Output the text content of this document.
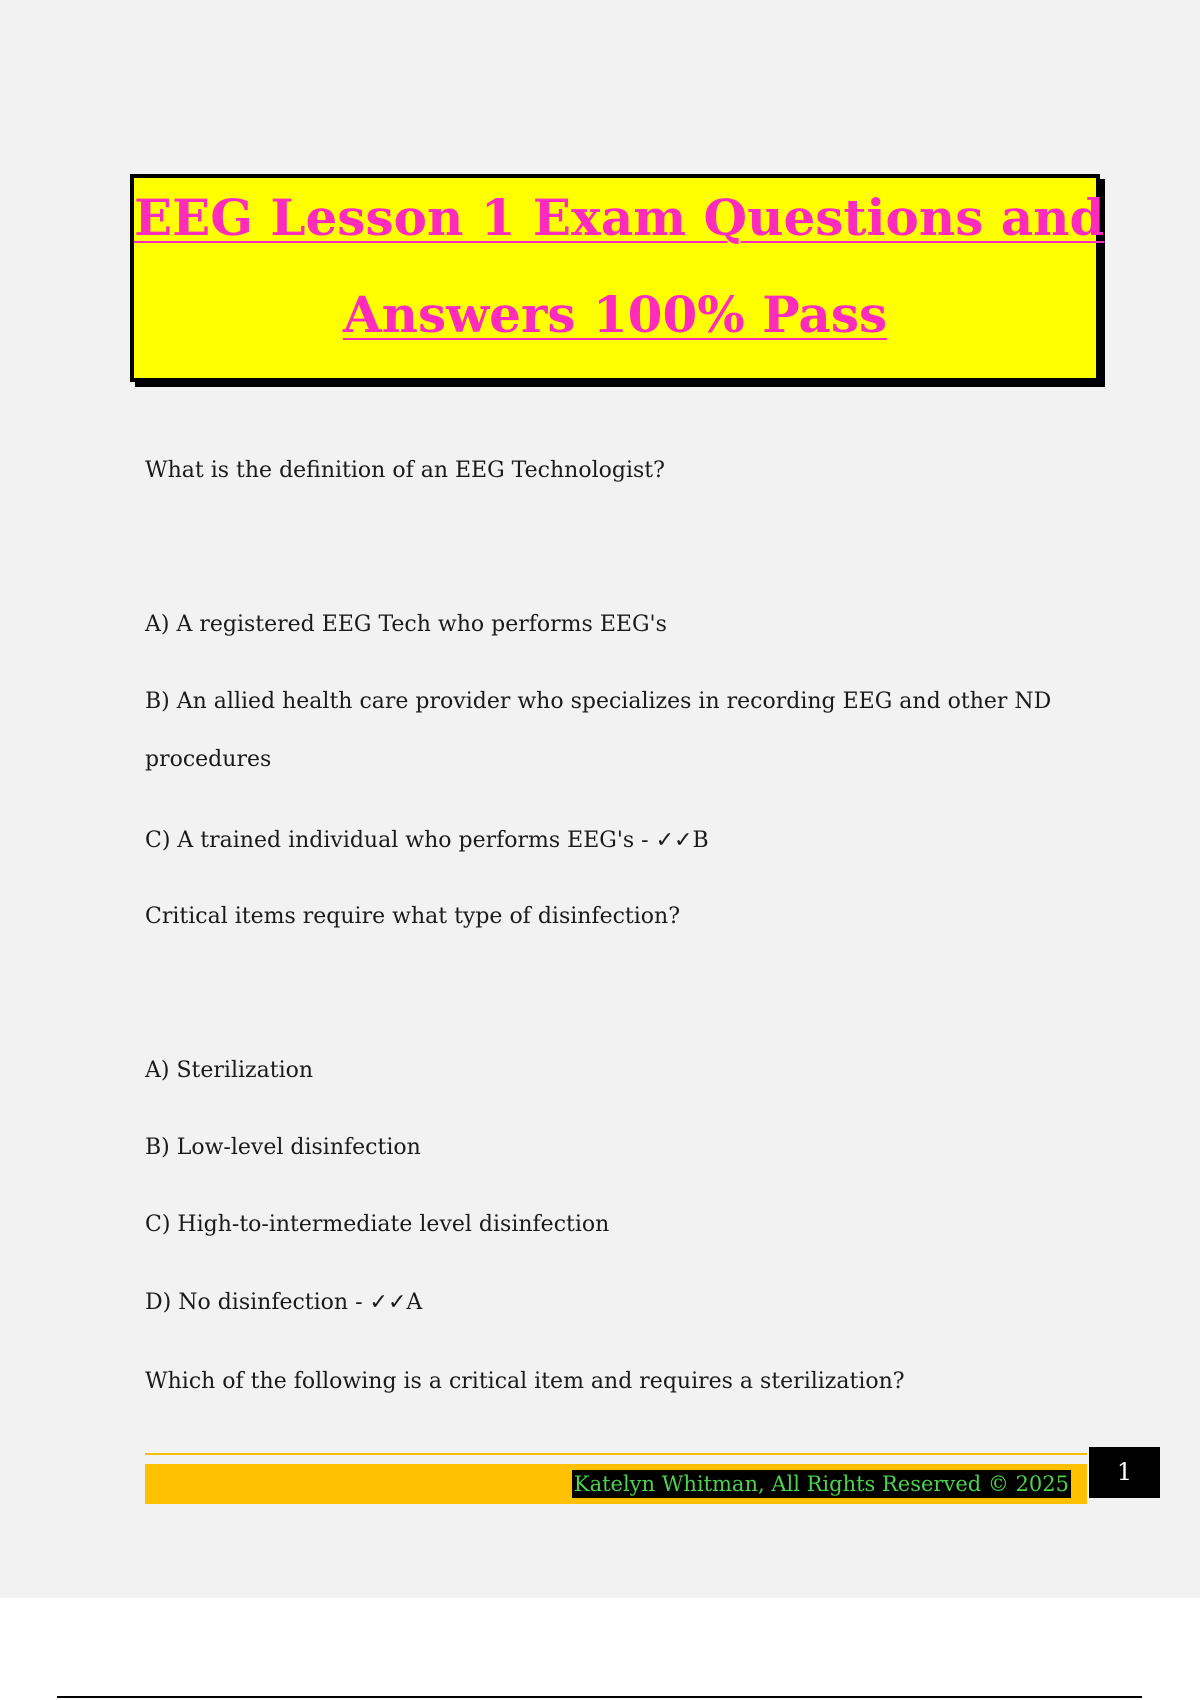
EEG Lesson 1 Exam Questions and
Answers 100% Pass
What is the definition of an EEG Technologist?
A) A registered EEG Tech who performs EEG's
B) An allied health care provider who specializes in recording EEG and other ND
procedures
C) A trained individual who performs EEG's - ✓✓B
Critical items require what type of disinfection?
A) Sterilization
B) Low-level disinfection
C) High-to-intermediate level disinfection
D) No disinfection - ✓✓A
Which of the following is a critical item and requires a sterilization?
Katelyn Whitman, All Rights Reserved © 2025	1
